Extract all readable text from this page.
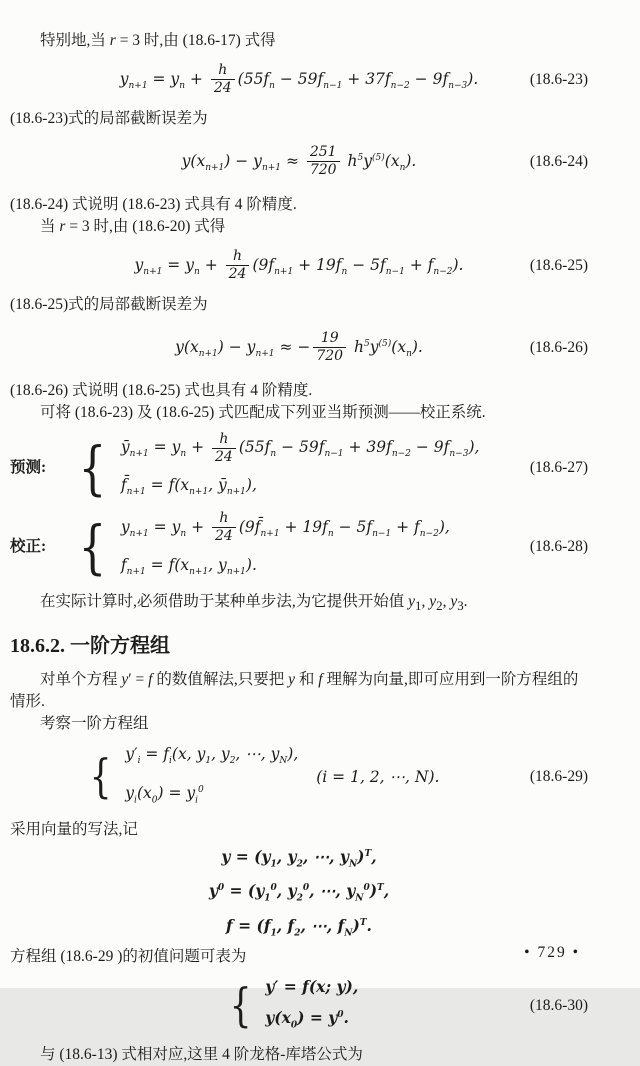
特别地,当 r = 3 时,由 (18.6-17) 式得

$y_{n+1} = y_n + \frac{h}{24} (55f_n - 59f_{n-1} + 37f_{n-2} - 9f_{n-3})$.	(18.6-23)

(18.6-23)式的局部截断误差为

$y(x_{n+1}) - y_{n+1} \approx \frac{251}{720} h^5y^{(5)}(x_n)$.	(18.6-24)

(18.6-24) 式说明 (18.6-23) 式具有 4 阶精度.

当 r = 3 时,由 (18.6-20) 式得

$y_{n+1} = y_n + \frac{h}{24} (9f_{n+1} + 19f_n - 5f_{n-1} + f_{n-2})$.	(18.6-25)

(18.6-25)式的局部截断误差为

$y(x_{n+1}) - y_{n+1}$ ≈ − $\frac{19}{720} h^5y^{(5)}(x_n)$.	(18.6-26)

(18.6-26) 式说明 (18.6-25) 式也具有 4 阶精度.

可将 (18.6-23) 及 (18.6-25) 式匹配成下列亚当斯预测——校正系统.

预测: { $ȳ_{n+1} = y_n + \frac{h}{24} (55f_n - 59f_{n-1} + 39f_{n-2} - 9f_{n-3})$,
$f̄_{n+1} = f(x_{n+1}$, $ȳ_{n+1}$),
(18.6-27)
校正: { $y_{n+1} = y_n + \frac{h}{24}$ $(9f̄_{n+1} + 19f_n - 5f_{n-1} + f_{n-2})$,
$f_{n+1} = f(x_{n+1}$, $y_{n+1}$).
(18.6-28)

在实际计算时,必须借助于某种单步法,为它提供开始值 $y_1$, $y_2$, $y_3$.

18.6.2. 一阶方程组

对单个方程 y′ = f 的数值解法,只要把 y 和 f 理解为向量,即可应用到一阶方程组的情形.

考察一阶方程组

{ $y'_i = f_i(x$, $y_1$, $y_2$, ⋯, $y_N$),
$y_i(x_0) = y_i^0$
(i = 1, 2, ⋯, N).	(18.6-29)

采用向量的写法,记

$y = (y_1$, $y_2$, ⋯, $y_N)^T$,
$y^0 = (y_1^0$, $y_2^0$, ⋯, $y_N^0)^T$,
$f = (f_1$, $f_2$, ⋯, $f_N)^T$.

方程组 (18.6-29 )的初值问题可表为

{ y′ = f(x; y),
$y(x_0) = y^0$.
(18.6-30)

与 (18.6-13) 式相对应,这里 4 阶龙格-库塔公式为

• 729 •
